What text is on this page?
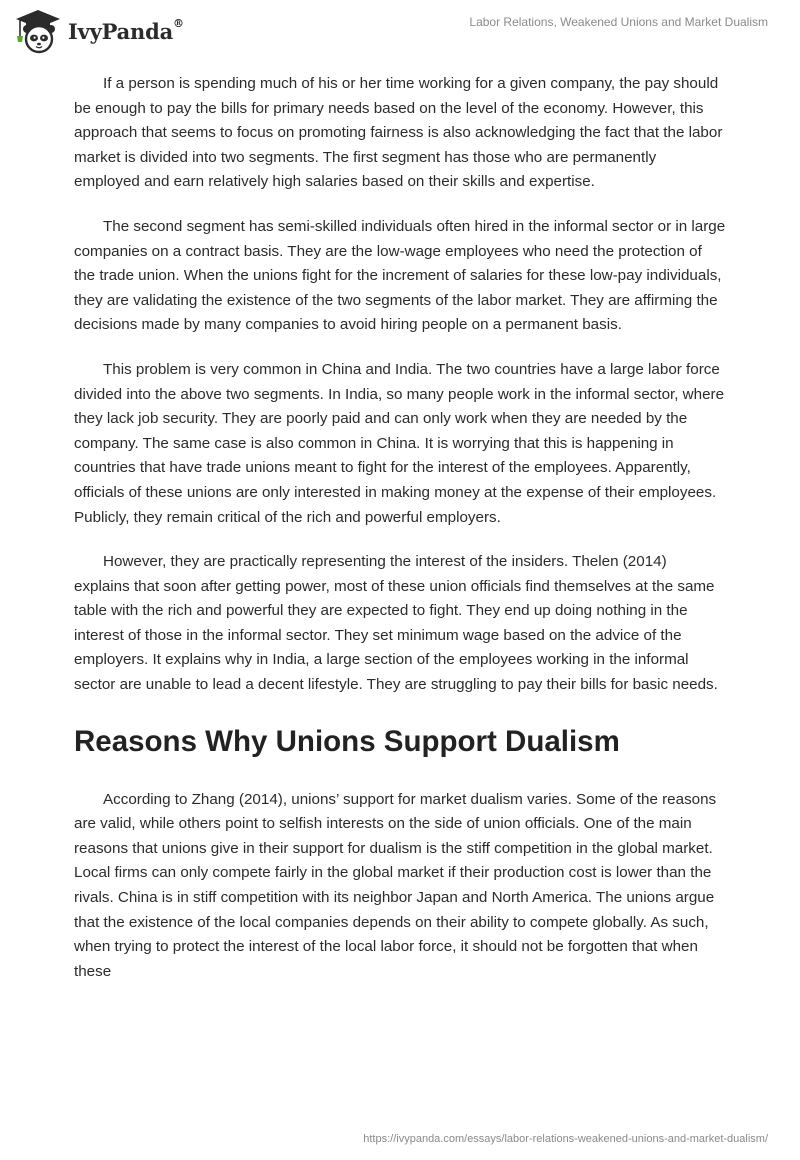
IvyPanda®	Labor Relations, Weakened Unions and Market Dualism

If a person is spending much of his or her time working for a given company, the pay should be enough to pay the bills for primary needs based on the level of the economy. However, this approach that seems to focus on promoting fairness is also acknowledging the fact that the labor market is divided into two segments. The first segment has those who are permanently employed and earn relatively high salaries based on their skills and expertise.

The second segment has semi-skilled individuals often hired in the informal sector or in large companies on a contract basis. They are the low-wage employees who need the protection of the trade union. When the unions fight for the increment of salaries for these low-pay individuals, they are validating the existence of the two segments of the labor market. They are affirming the decisions made by many companies to avoid hiring people on a permanent basis.

This problem is very common in China and India. The two countries have a large labor force divided into the above two segments. In India, so many people work in the informal sector, where they lack job security. They are poorly paid and can only work when they are needed by the company. The same case is also common in China. It is worrying that this is happening in countries that have trade unions meant to fight for the interest of the employees. Apparently, officials of these unions are only interested in making money at the expense of their employees. Publicly, they remain critical of the rich and powerful employers.

However, they are practically representing the interest of the insiders. Thelen (2014) explains that soon after getting power, most of these union officials find themselves at the same table with the rich and powerful they are expected to fight. They end up doing nothing in the interest of those in the informal sector. They set minimum wage based on the advice of the employers. It explains why in India, a large section of the employees working in the informal sector are unable to lead a decent lifestyle. They are struggling to pay their bills for basic needs.

Reasons Why Unions Support Dualism

According to Zhang (2014), unions’ support for market dualism varies. Some of the reasons are valid, while others point to selfish interests on the side of union officials. One of the main reasons that unions give in their support for dualism is the stiff competition in the global market. Local firms can only compete fairly in the global market if their production cost is lower than the rivals. China is in stiff competition with its neighbor Japan and North America. The unions argue that the existence of the local companies depends on their ability to compete globally. As such, when trying to protect the interest of the local labor force, it should not be forgotten that when these

https://ivypanda.com/essays/labor-relations-weakened-unions-and-market-dualism/
